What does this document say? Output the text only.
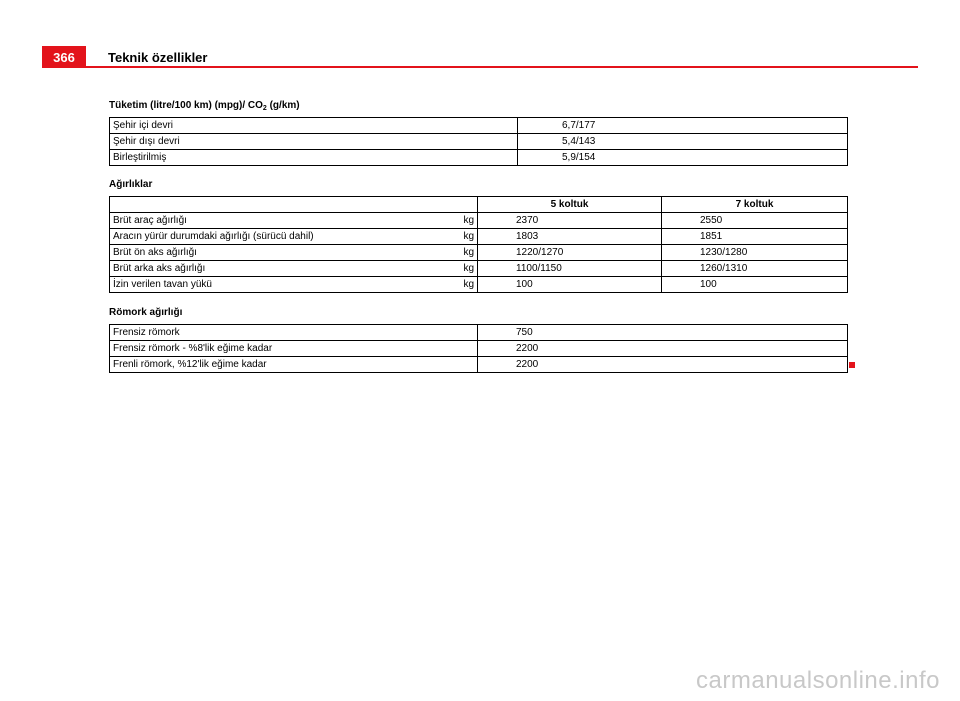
366	Teknik özellikler
Tüketim (litre/100 km) (mpg)/ $CO_2$ (g/km)
Şehir içi devri	6,7/177
Şehir dışı devri	5,4/143
Birleştirilmiş	5,9/154
Ağırlıklar
		5 koltuk	7 koltuk
Brüt araç ağırlığı	kg	2370	2550
Aracın yürür durumdaki ağırlığı (sürücü dahil)	kg	1803	1851
Brüt ön aks ağırlığı	kg	1220/1270	1230/1280
Brüt arka aks ağırlığı	kg	1100/1150	1260/1310
İzin verilen tavan yükü	kg	100	100
Römork ağırlığı
Frensiz römork	750
Frensiz römork - %8'lik eğime kadar	2200
Frenli römork, %12'lik eğime kadar	2200
carmanualsonline.info
